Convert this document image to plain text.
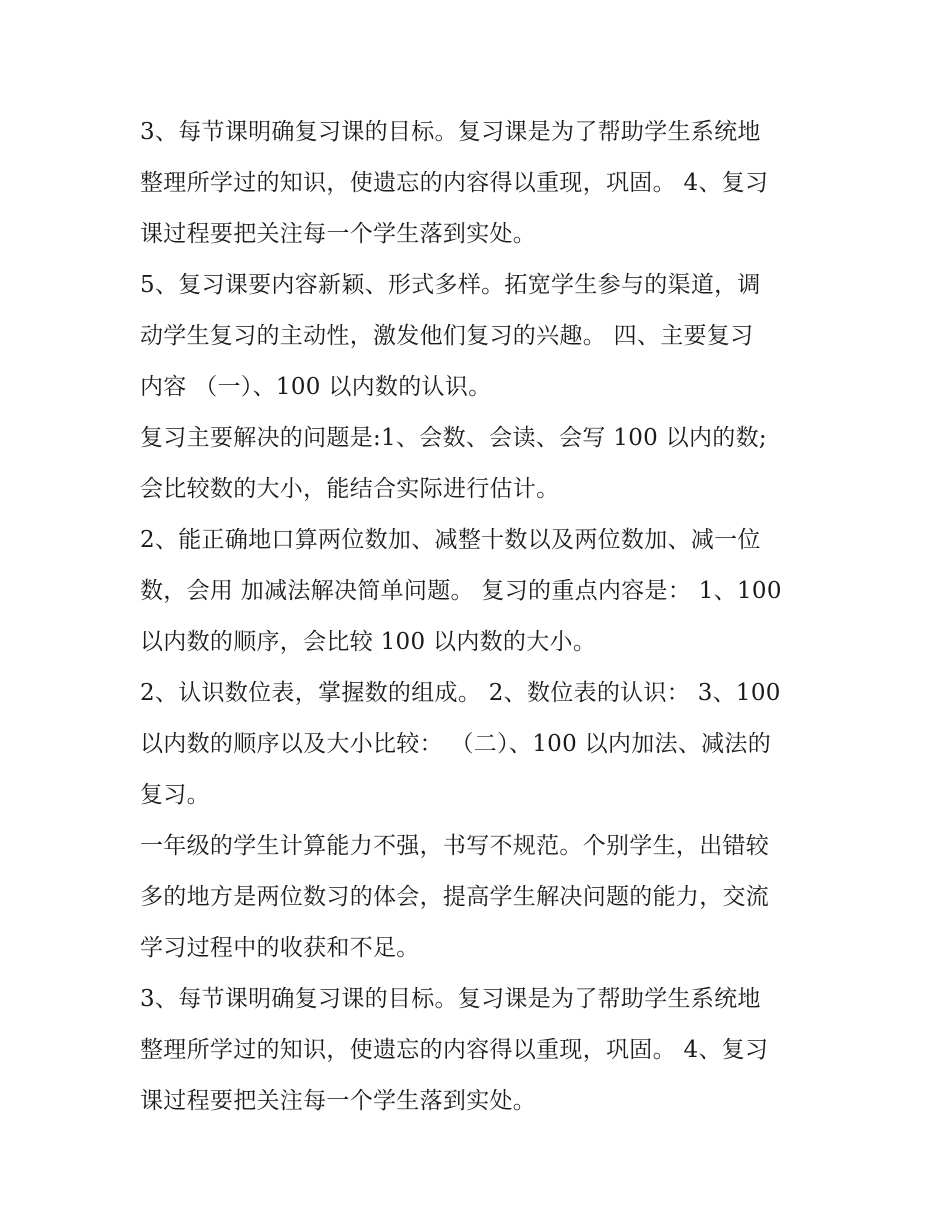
3、每节课明确复习课的目标。复习课是为了帮助学生系统地
整理所学过的知识，使遗忘的内容得以重现，巩固。 4、复习
课过程要把关注每一个学生落到实处。
5、复习课要内容新颖、形式多样。拓宽学生参与的渠道，调
动学生复习的主动性，激发他们复习的兴趣。 四、主要复习
内容 （一）、100 以内数的认识。
复习主要解决的问题是:1、会数、会读、会写 100 以内的数;
会比较数的大小，能结合实际进行估计。
2、能正确地口算两位数加、减整十数以及两位数加、减一位
数，会用 加减法解决简单问题。 复习的重点内容是： 1、100
以内数的顺序，会比较 100 以内数的大小。
2、认识数位表，掌握数的组成。 2、数位表的认识： 3、100
以内数的顺序以及大小比较： （二）、100 以内加法、减法的
复习。
一年级的学生计算能力不强，书写不规范。个别学生，出错较
多的地方是两位数习的体会，提高学生解决问题的能力，交流
学习过程中的收获和不足。
3、每节课明确复习课的目标。复习课是为了帮助学生系统地
整理所学过的知识，使遗忘的内容得以重现，巩固。 4、复习
课过程要把关注每一个学生落到实处。
